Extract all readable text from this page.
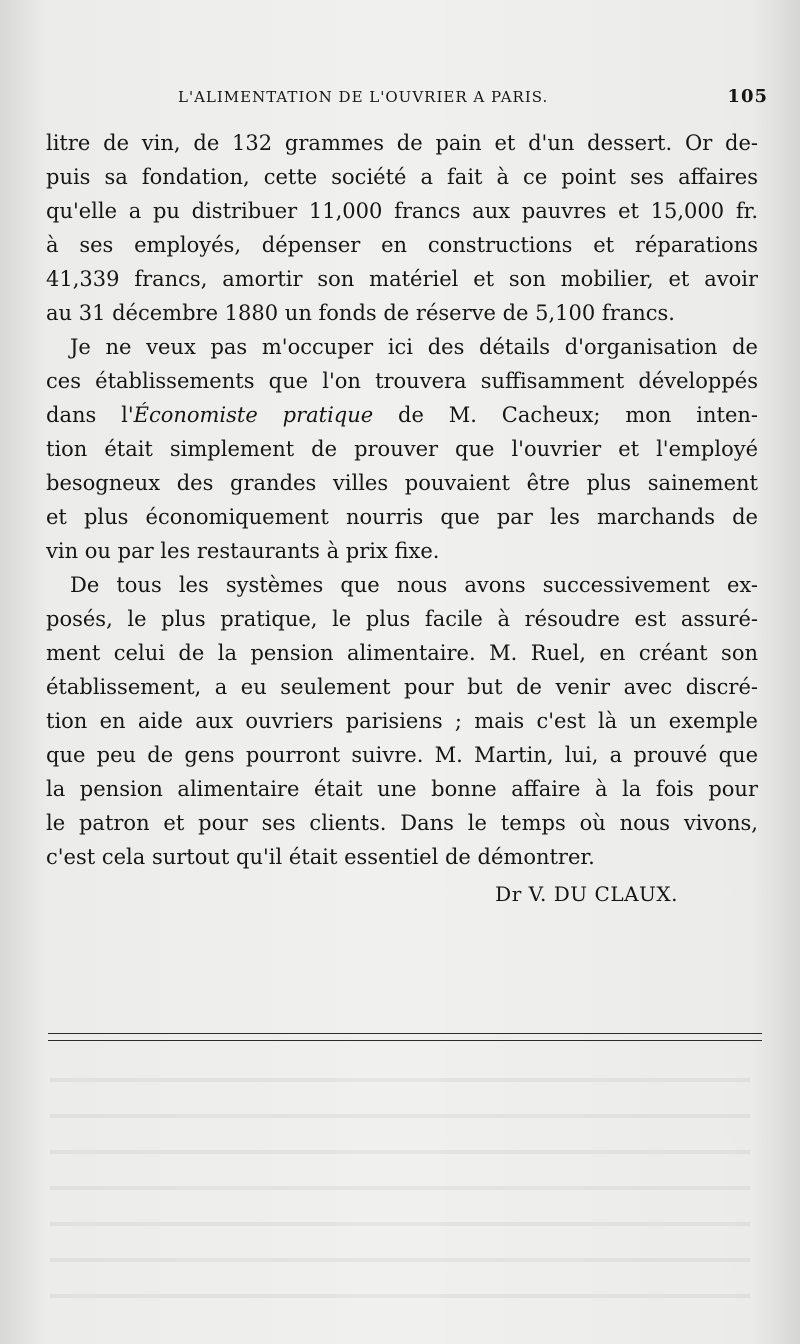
L'ALIMENTATION DE L'OUVRIER A PARIS.	105
litre de vin, de 132 grammes de pain et d'un dessert. Or de-
puis sa fondation, cette société a fait à ce point ses affaires
qu'elle a pu distribuer 11,000 francs aux pauvres et 15,000 fr.
à ses employés, dépenser en constructions et réparations
41,339 francs, amortir son matériel et son mobilier, et avoir
au 31 décembre 1880 un fonds de réserve de 5,100 francs.
Je ne veux pas m'occuper ici des détails d'organisation de
ces établissements que l'on trouvera suffisamment développés
dans l'Économiste pratique de M. Cacheux; mon inten-
tion était simplement de prouver que l'ouvrier et l'employé
besogneux des grandes villes pouvaient être plus sainement
et plus économiquement nourris que par les marchands de
vin ou par les restaurants à prix fixe.
De tous les systèmes que nous avons successivement ex-
posés, le plus pratique, le plus facile à résoudre est assuré-
ment celui de la pension alimentaire. M. Ruel, en créant son
établissement, a eu seulement pour but de venir avec discré-
tion en aide aux ouvriers parisiens ; mais c'est là un exemple
que peu de gens pourront suivre. M. Martin, lui, a prouvé que
la pension alimentaire était une bonne affaire à la fois pour
le patron et pour ses clients. Dans le temps où nous vivons,
c'est cela surtout qu'il était essentiel de démontrer.
Dr V. DU CLAUX.
